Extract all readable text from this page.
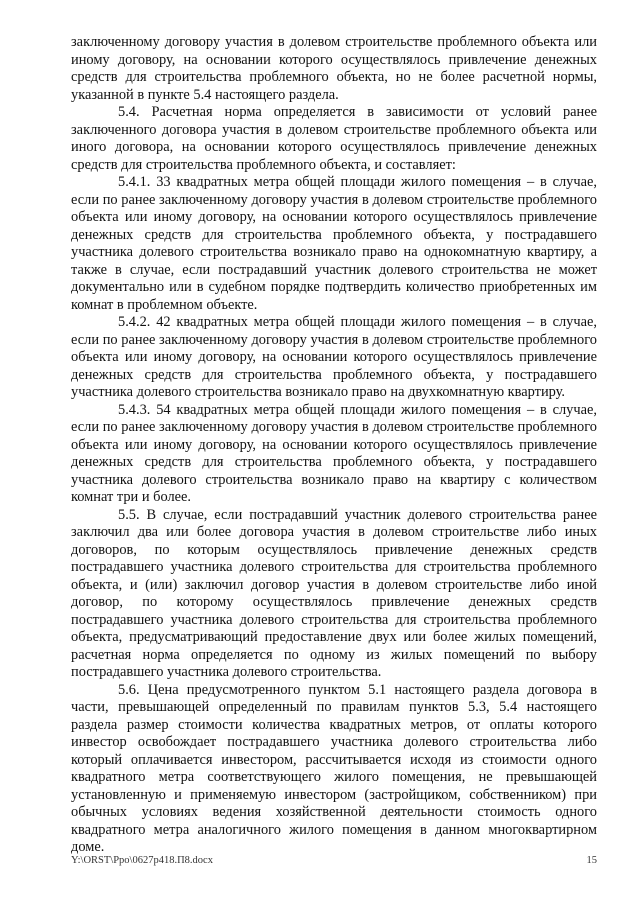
заключенному договору участия в долевом строительстве проблемного объекта или иному договору, на основании которого осуществлялось привлечение денежных средств для строительства проблемного объекта, но не более расчетной нормы, указанной в пункте 5.4 настоящего раздела.

5.4. Расчетная норма определяется в зависимости от условий ранее заключенного договора участия в долевом строительстве проблемного объекта или иного договора, на основании которого осуществлялось привлечение денежных средств для строительства проблемного объекта, и составляет:

5.4.1. 33 квадратных метра общей площади жилого помещения – в случае, если по ранее заключенному договору участия в долевом строительстве проблемного объекта или иному договору, на основании которого осуществлялось привлечение денежных средств для строительства проблемного объекта, у пострадавшего участника долевого строительства возникало право на однокомнатную квартиру, а также в случае, если пострадавший участник долевого строительства не может документально или в судебном порядке подтвердить количество приобретенных им комнат в проблемном объекте.

5.4.2. 42 квадратных метра общей площади жилого помещения – в случае, если по ранее заключенному договору участия в долевом строительстве проблемного объекта или иному договору, на основании которого осуществлялось привлечение денежных средств для строительства проблемного объекта, у пострадавшего участника долевого строительства возникало право на двухкомнатную квартиру.

5.4.3. 54 квадратных метра общей площади жилого помещения – в случае, если по ранее заключенному договору участия в долевом строительстве проблемного объекта или иному договору, на основании которого осуществлялось привлечение денежных средств для строительства проблемного объекта, у пострадавшего участника долевого строительства возникало право на квартиру с количеством комнат три и более.

5.5. В случае, если пострадавший участник долевого строительства ранее заключил два или более договора участия в долевом строительстве либо иных договоров, по которым осуществлялось привлечение денежных средств пострадавшего участника долевого строительства для строительства проблемного объекта, и (или) заключил договор участия в долевом строительстве либо иной договор, по которому осуществлялось привлечение денежных средств пострадавшего участника долевого строительства для строительства проблемного объекта, предусматривающий предоставление двух или более жилых помещений, расчетная норма определяется по одному из жилых помещений по выбору пострадавшего участника долевого строительства.

5.6. Цена предусмотренного пунктом 5.1 настоящего раздела договора в части, превышающей определенный по правилам пунктов 5.3, 5.4 настоящего раздела размер стоимости количества квадратных метров, от оплаты которого инвестор освобождает пострадавшего участника долевого строительства либо который оплачивается инвестором, рассчитывается исходя из стоимости одного квадратного метра соответствующего жилого помещения, не превышающей установленную и применяемую инвестором (застройщиком, собственником) при обычных условиях ведения хозяйственной деятельности стоимость одного квадратного метра аналогичного жилого помещения в данном многоквартирном доме.

Y:\ORST\Ppo\0627p418.П8.docx	15
